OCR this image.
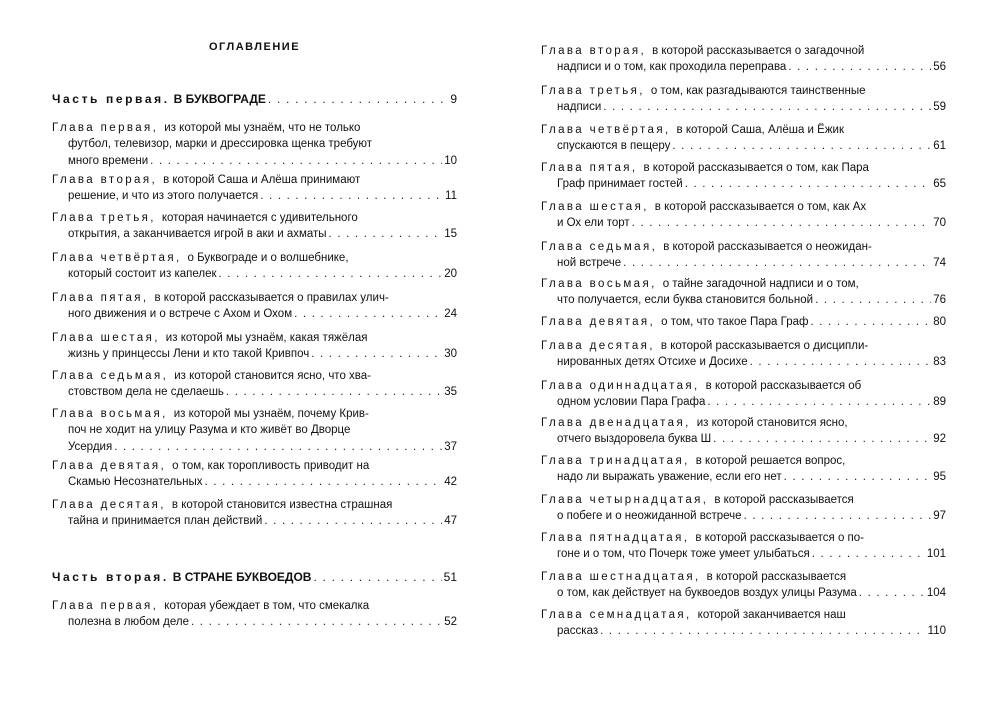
ОГЛАВЛЕНИЕ
Часть первая. В БУКВОГРАДЕ . . .	9
Глава первая, из которой мы узнаём, что не только
футбол, телевизор, марки и дрессировка щенка требуют
много времени . . .	10
Глава вторая, в которой Саша и Алёша принимают
решение, и что из этого получается . . .	11
Глава третья, которая начинается с удивительного
открытия, а заканчивается игрой в аки и ахматы . . .	15
Глава четвёртая, о Буквограде и о волшебнике,
который состоит из капелек . . .	20
Глава пятая, в которой рассказывается о правилах улич-
ного движения и о встрече с Ахом и Охом . . .	24
Глава шестая, из которой мы узнаём, какая тяжёлая
жизнь у принцессы Лени и кто такой Кривпоч . . .	30
Глава седьмая, из которой становится ясно, что хва-
стовством дела не сделаешь . . .	35
Глава восьмая, из которой мы узнаём, почему Крив-
поч не ходит на улицу Разума и кто живёт во Дворце
Усердия . . .	37
Глава девятая, о том, как торопливость приводит на
Скамью Несознательных . . .	42
Глава десятая, в которой становится известна страшная
тайна и принимается план действий . . .	47
Часть вторая. В СТРАНЕ БУКВОЕДОВ . . .	51
Глава первая, которая убеждает в том, что смекалка
полезна в любом деле . . .	52
Глава вторая, в которой рассказывается о загадочной
надписи и о том, как проходила переправа . . .	56
Глава третья, о том, как разгадываются таинственные
надписи . . .	59
Глава четвёртая, в которой Саша, Алёша и Ёжик
спускаются в пещеру . . .	61
Глава пятая, в которой рассказывается о том, как Пара
Граф принимает гостей . . .	65
Глава шестая, в которой рассказывается о том, как Ах
и Ох ели торт . . .	70
Глава седьмая, в которой рассказывается о неожидан-
ной встрече . . .	74
Глава восьмая, о тайне загадочной надписи и о том,
что получается, если буква становится больной . . .	76
Глава девятая, о том, что такое Пара Граф . . .	80
Глава десятая, в которой рассказывается о дисципли-
нированных детях Отсихе и Досихе . . .	83
Глава одиннадцатая, в которой рассказывается об
одном условии Пара Графа . . .	89
Глава двенадцатая, из которой становится ясно,
отчего выздоровела буква Ш . . .	92
Глава тринадцатая, в которой решается вопрос,
надо ли выражать уважение, если его нет . . .	95
Глава четырнадцатая, в которой рассказывается
о побеге и о неожиданной встрече . . .	97
Глава пятнадцатая, в которой рассказывается о по-
гоне и о том, что Почерк тоже умеет улыбаться . . .	101
Глава шестнадцатая, в которой рассказывается
о том, как действует на буквоедов воздух улицы Разума . . .	104
Глава семнадцатая, которой заканчивается наш
рассказ . . .	110
